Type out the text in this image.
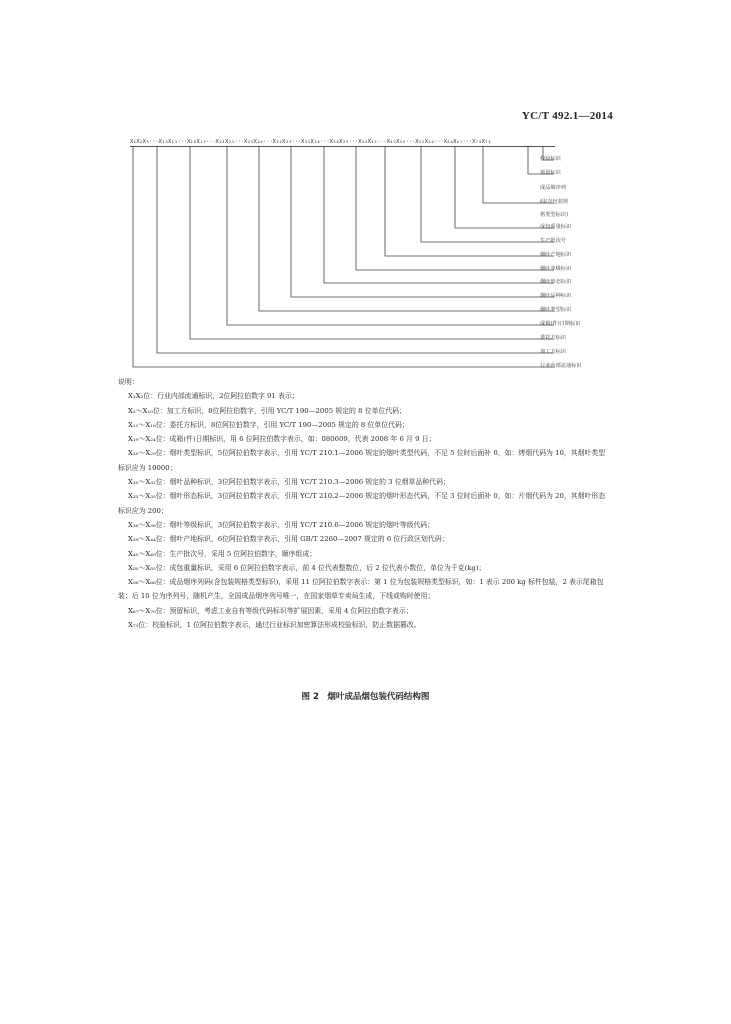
YC/T 492.1—2014
X₁X₂X₃···X₁₀X₁₁···X₁₈X₁₉···X₂₄X₂₅···X₂₉X₃₀···X₃₂X₃₃···X₃₅X₃₆···X₃₈X₃₉···X₄₄X₄₅···X₄₉X₅₀···X₅₅X₅₆···X₆₆X₆₇···X₇₀X₇₁
校验标识
预留标识
成品烟序列
码(含包装规
格类型标识)
成包重量标识
生产批次号
烟叶产地标识
烟叶等级标识
烟叶形态标识
烟叶品种标识
烟叶类型标识
成箱(件)日期标识
委托方标识
加工方标识
行业内部流通标识

说明：

X₁X₂位：行业内部流通标识，2位阿拉伯数字 91 表示；

X₃～X₁₀位：加工方标识，8位阿拉伯数字，引用 YC/T 190—2005 规定的 8 位单位代码；

X₁₁～X₁₈位：委托方标识，8位阿拉伯数字，引用 YC/T 190—2005 规定的 8 位单位代码；

X₁₉～X₂₄位：成箱(件)日期标识，用 6 位阿拉伯数字表示，如：080609，代表 2008 年 6 月 9 日；

X₂₅～X₂₉位：烟叶类型标识，5位阿拉伯数字表示，引用 YC/T 210.1—2006 规定的烟叶类型代码，不足 5 位时后面补 0，如：烤烟代码为 10，其烟叶类型标识应为 10000；

X₃₀～X₃₂位：烟叶品种标识，3位阿拉伯数字表示，引用 YC/T 210.3—2006 规定的 3 位烟草品种代码；

X₃₃～X₃₅位：烟叶形态标识，3位阿拉伯数字表示，引用 YC/T 210.2—2006 规定的烟叶形态代码，不足 3 位时后面补 0，如：片烟代码为 20，其烟叶形态标识应为 200；

X₃₆～X₃₈位：烟叶等级标识，3位阿拉伯数字表示，引用 YC/T 210.6—2006 规定的烟叶等级代码；

X₃₉～X₄₄位：烟叶产地标识，6位阿拉伯数字表示，引用 GB/T 2260—2007 规定的 6 位行政区划代码；

X₄₅～X₄₉位：生产批次号，采用 5 位阿拉伯数字，顺序组成；

X₅₀～X₅₅位：成包重量标识，采用 6 位阿拉伯数字表示，前 4 位代表整数位，后 2 位代表小数位，单位为千克(kg)；

X₅₆～X₆₆位：成品烟序列码(含包装规格类型标识)，采用 11 位阿拉伯数字表示：第 1 位为包装规格类型标识，如：1 表示 200 kg 标件包装，2 表示尾箱包装；后 10 位为序列号，随机产生，全国成品烟序列号唯一，在国家烟草专卖局生成，下线或购时使用；

X₆₇～X₇₀位：预留标识，考虑工业自有等级代码标识等扩展因素，采用 4 位阿拉伯数字表示；

X₇₁位：校验标识，1 位阿拉伯数字表示，通过行业标识加密算法形成校验标识，防止数据篡改。

图 2　烟叶成品烟包装代码结构图
